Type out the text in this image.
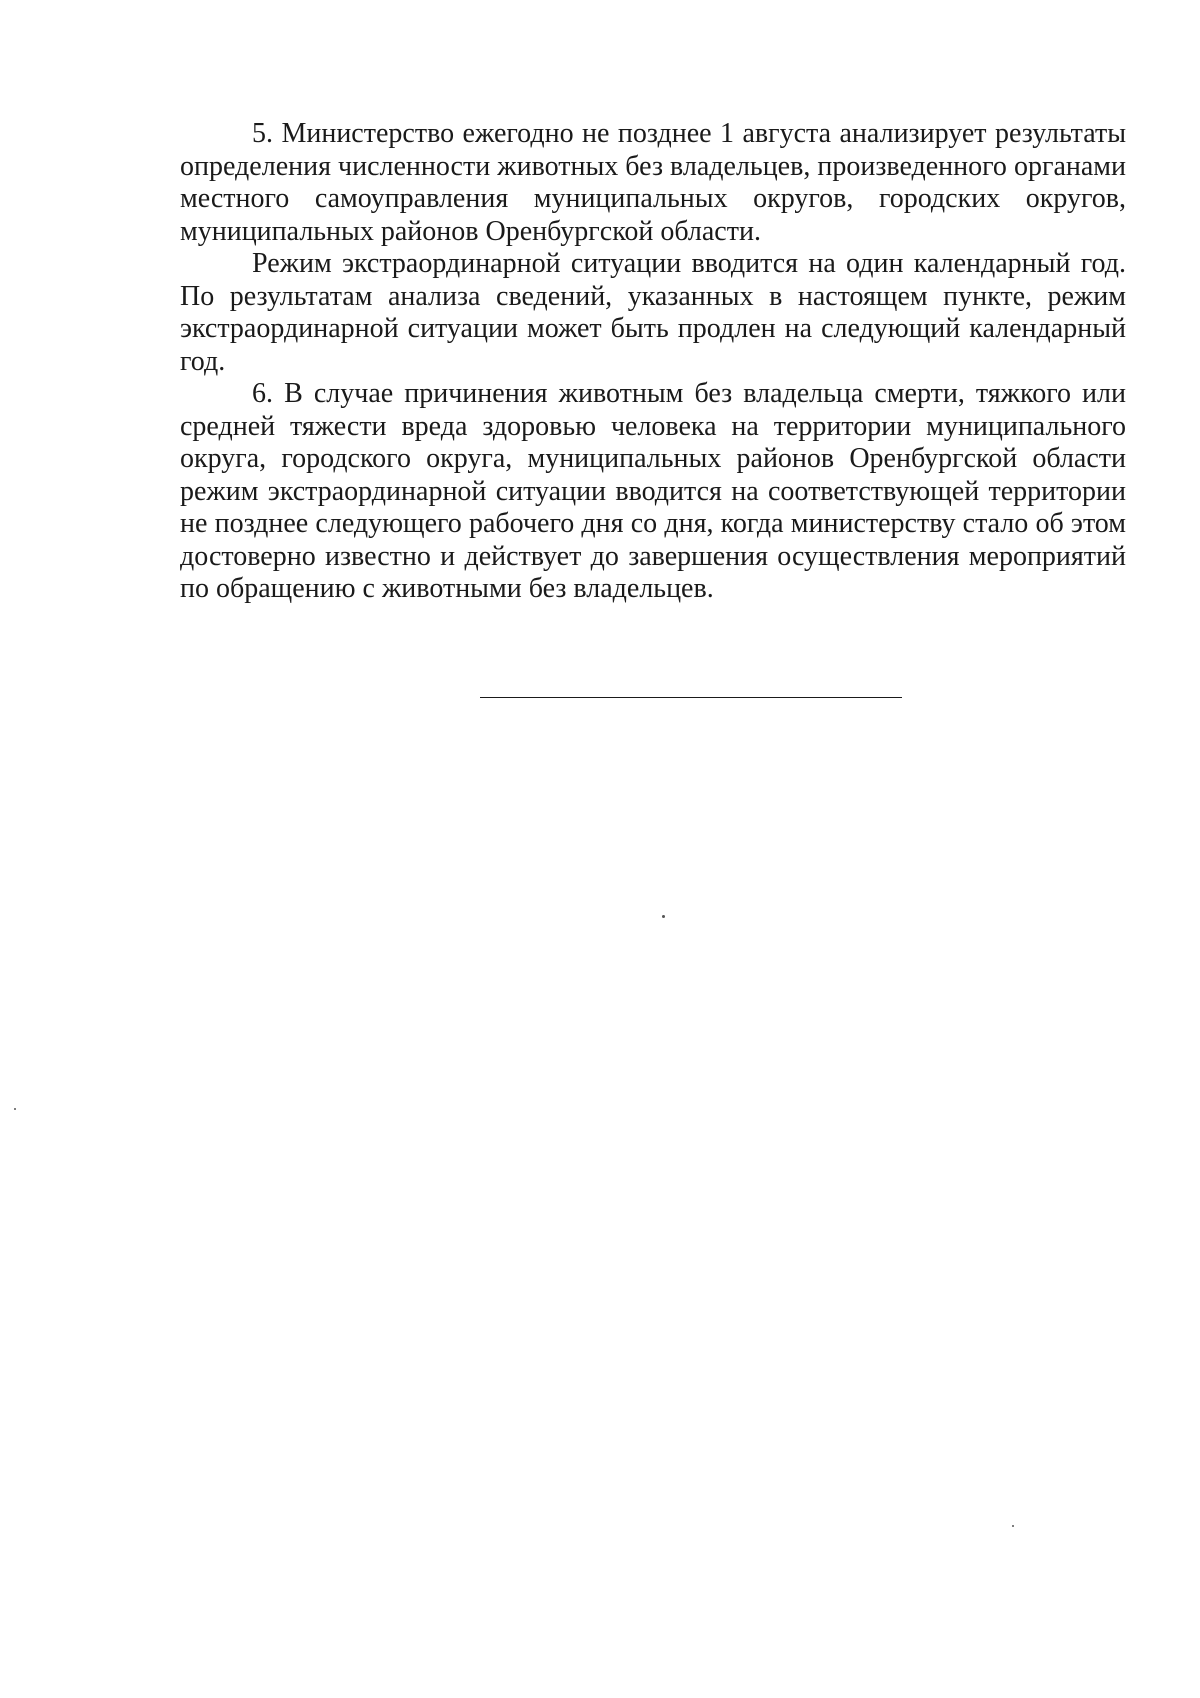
5. Министерство ежегодно не позднее 1 августа анализирует результаты определения численности животных без владельцев, произведенного органами местного самоуправления муниципальных округов, городских округов, муниципальных районов Оренбургской области.

Режим экстраординарной ситуации вводится на один календарный год. По результатам анализа сведений, указанных в настоящем пункте, режим экстраординарной ситуации может быть продлен на следующий календарный год.

6. В случае причинения животным без владельца смерти, тяжкого или средней тяжести вреда здоровью человека на территории муниципального округа, городского округа, муниципальных районов Оренбургской области режим экстраординарной ситуации вводится на соответствующей территории не позднее следующего рабочего дня со дня, когда министерству стало об этом достоверно известно и действует до завершения осуществления мероприятий по обращению с животными без владельцев.
